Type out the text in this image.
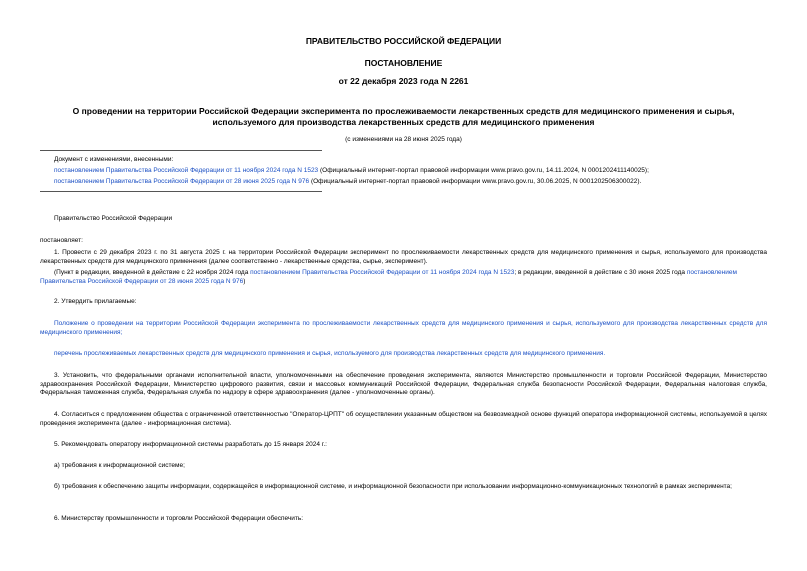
ПРАВИТЕЛЬСТВО РОССИЙСКОЙ ФЕДЕРАЦИИ
ПОСТАНОВЛЕНИЕ
от 22 декабря 2023 года N 2261
О проведении на территории Российской Федерации эксперимента по прослеживаемости лекарственных средств для медицинского применения и сырья, используемого для производства лекарственных средств для медицинского применения
(с изменениями на 28 июня 2025 года)
Документ с изменениями, внесенными:
постановлением Правительства Российской Федерации от 11 ноября 2024 года N 1523 (Официальный интернет-портал правовой информации www.pravo.gov.ru, 14.11.2024, N 0001202411140025);
постановлением Правительства Российской Федерации от 28 июня 2025 года N 976 (Официальный интернет-портал правовой информации www.pravo.gov.ru, 30.06.2025, N 0001202506300022).
Правительство Российской Федерации
постановляет:
1. Провести с 29 декабря 2023 г. по 31 августа 2025 г. на территории Российской Федерации эксперимент по прослеживаемости лекарственных средств для медицинского применения и сырья, используемого для производства лекарственных средств для медицинского применения (далее соответственно - лекарственные средства, сырье, эксперимент).
(Пункт в редакции, введенной в действие с 22 ноября 2024 года постановлением Правительства Российской Федерации от 11 ноября 2024 года N 1523; в редакции, введенной в действие с 30 июня 2025 года постановлением Правительства Российской Федерации от 28 июня 2025 года N 976)
2. Утвердить прилагаемые:
Положение о проведении на территории Российской Федерации эксперимента по прослеживаемости лекарственных средств для медицинского применения и сырья, используемого для производства лекарственных средств для медицинского применения;
перечень прослеживаемых лекарственных средств для медицинского применения и сырья, используемого для производства лекарственных средств для медицинского применения.
3. Установить, что федеральными органами исполнительной власти, уполномоченными на обеспечение проведения эксперимента, являются Министерство промышленности и торговли Российской Федерации, Министерство здравоохранения Российской Федерации, Министерство цифрового развития, связи и массовых коммуникаций Российской Федерации, Федеральная служба безопасности Российской Федерации, Федеральная налоговая служба, Федеральная таможенная служба, Федеральная служба по надзору в сфере здравоохранения (далее - уполномоченные органы).
4. Согласиться с предложением общества с ограниченной ответственностью "Оператор-ЦРПТ" об осуществлении указанным обществом на безвозмездной основе функций оператора информационной системы, используемой в целях проведения эксперимента (далее - информационная система).
5. Рекомендовать оператору информационной системы разработать до 15 января 2024 г.:
а) требования к информационной системе;
б) требования к обеспечению защиты информации, содержащейся в информационной системе, и информационной безопасности при использовании информационно-коммуникационных технологий в рамках эксперимента;
6. Министерству промышленности и торговли Российской Федерации обеспечить:
